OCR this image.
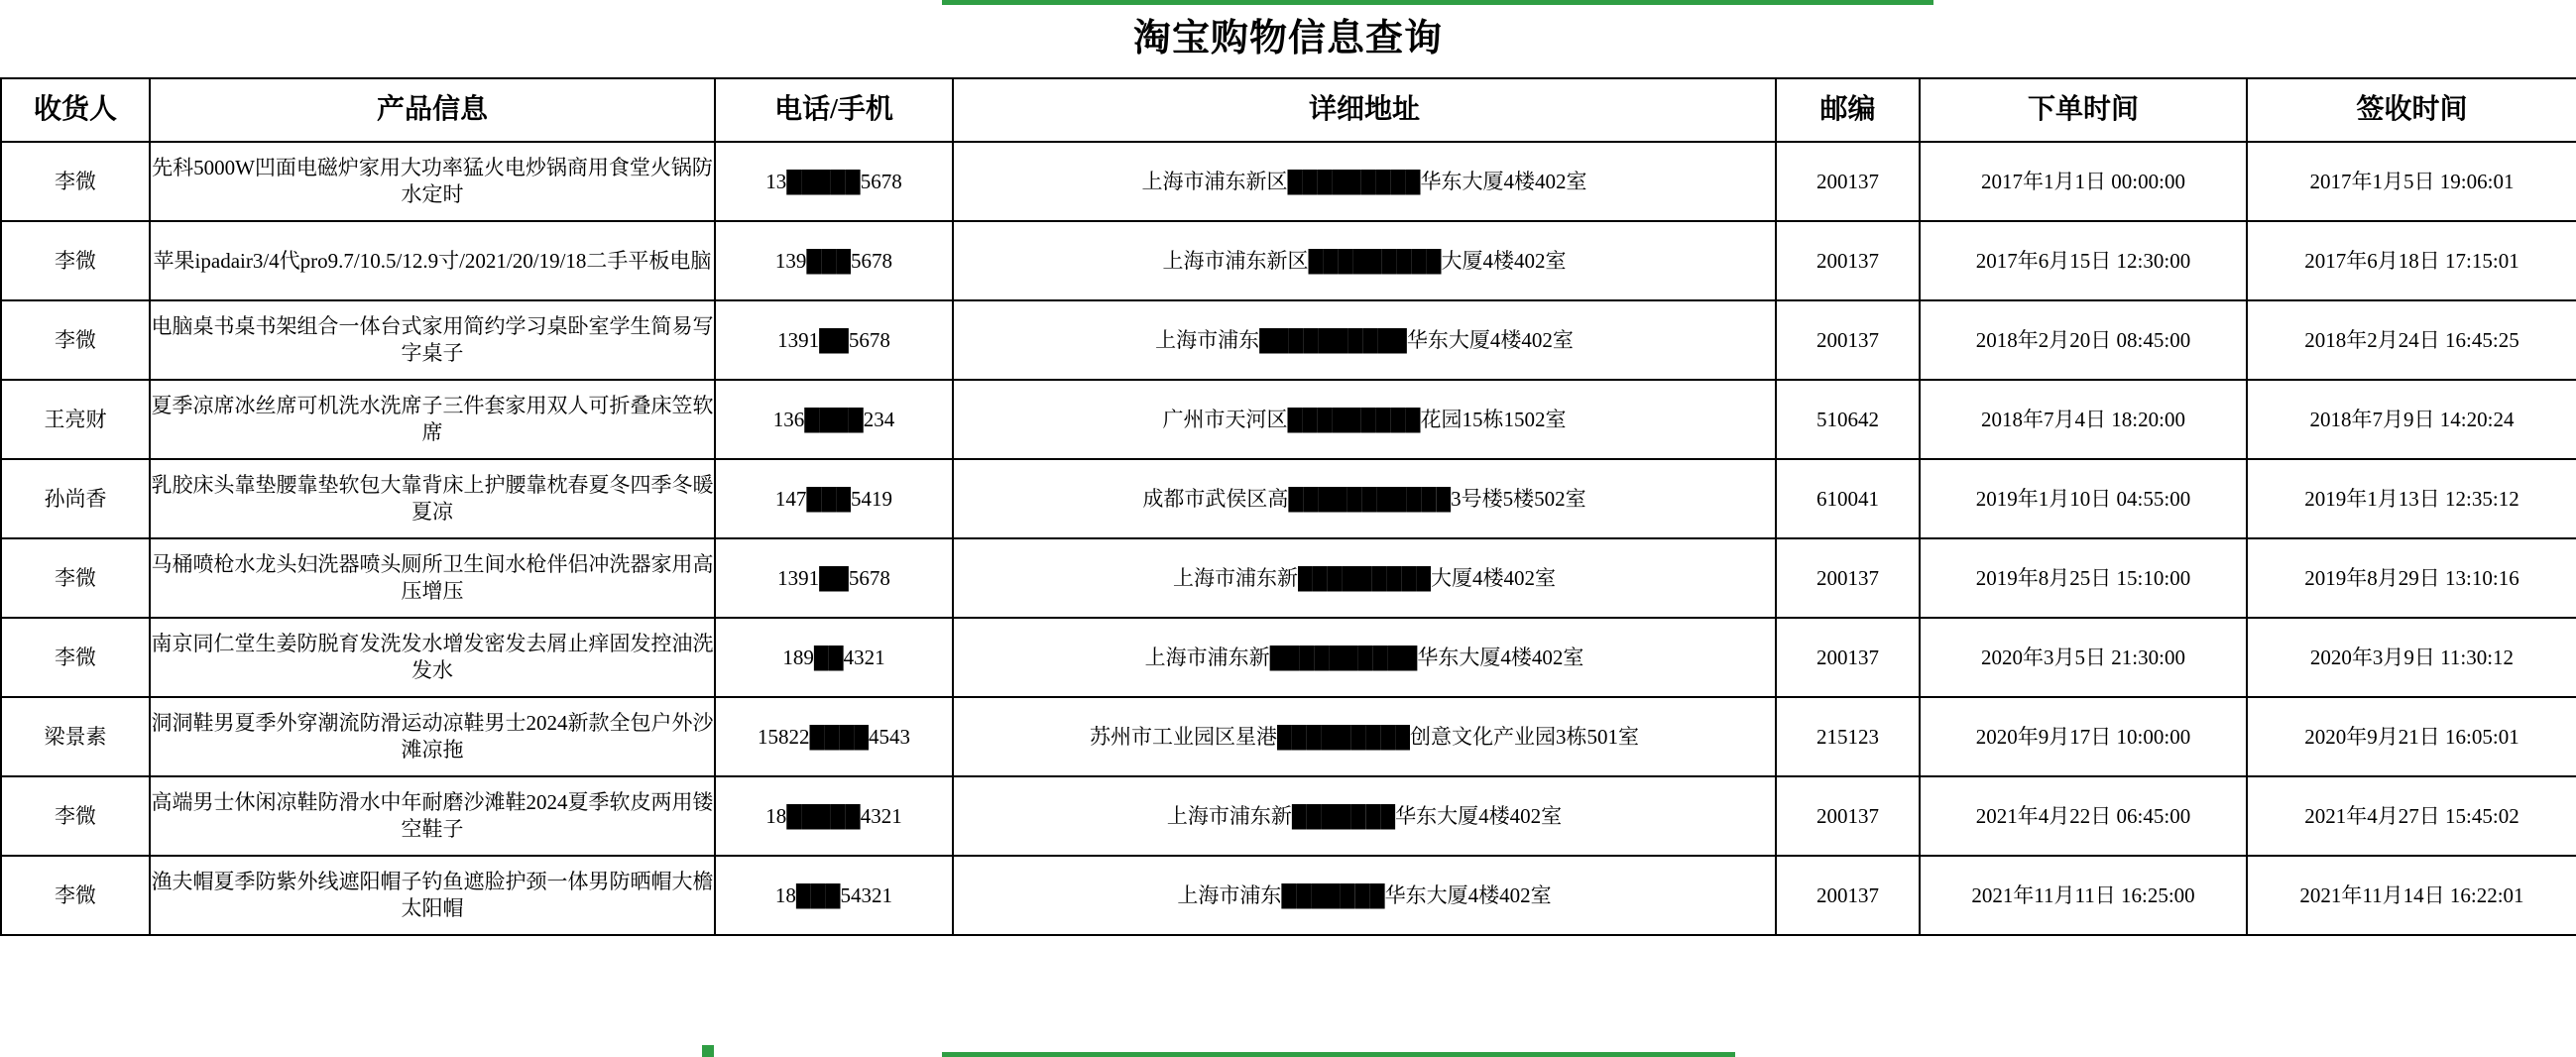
淘宝购物信息查询
收货人	产品信息	电话/手机	详细地址	邮编	下单时间	签收时间
李微	先科5000W凹面电磁炉家用大功率猛火电炒锅商用食堂火锅防水定时	13█████5678	上海市浦东新区█████████华东大厦4楼402室	200137	2017年1月1日 00:00:00	2017年1月5日 19:06:01
李微	苹果ipadair3/4代pro9.7/10.5/12.9寸/2021/20/19/18二手平板电脑	139███5678	上海市浦东新区█████████大厦4楼402室	200137	2017年6月15日 12:30:00	2017年6月18日 17:15:01
李微	电脑桌书桌书架组合一体台式家用简约学习桌卧室学生简易写字桌子	1391██5678	上海市浦东██████████华东大厦4楼402室	200137	2018年2月20日 08:45:00	2018年2月24日 16:45:25
王亮财	夏季凉席冰丝席可机洗水洗席子三件套家用双人可折叠床笠软席	136████234	广州市天河区█████████花园15栋1502室	510642	2018年7月4日 18:20:00	2018年7月9日 14:20:24
孙尚香	乳胶床头靠垫腰靠垫软包大靠背床上护腰靠枕春夏冬四季冬暖夏凉	147███5419	成都市武侯区高███████████3号楼5楼502室	610041	2019年1月10日 04:55:00	2019年1月13日 12:35:12
李微	马桶喷枪水龙头妇洗器喷头厕所卫生间水枪伴侣冲洗器家用高压增压	1391██5678	上海市浦东新█████████大厦4楼402室	200137	2019年8月25日 15:10:00	2019年8月29日 13:10:16
李微	南京同仁堂生姜防脱育发洗发水增发密发去屑止痒固发控油洗发水	189██4321	上海市浦东新██████████华东大厦4楼402室	200137	2020年3月5日 21:30:00	2020年3月9日 11:30:12
梁景素	洞洞鞋男夏季外穿潮流防滑运动凉鞋男士2024新款全包户外沙滩凉拖	15822████4543	苏州市工业园区星港█████████创意文化产业园3栋501室	215123	2020年9月17日 10:00:00	2020年9月21日 16:05:01
李微	高端男士休闲凉鞋防滑水中年耐磨沙滩鞋2024夏季软皮两用镂空鞋子	18█████4321	上海市浦东新███████华东大厦4楼402室	200137	2021年4月22日 06:45:00	2021年4月27日 15:45:02
李微	渔夫帽夏季防紫外线遮阳帽子钓鱼遮脸护颈一体男防晒帽大檐太阳帽	18███54321	上海市浦东███████华东大厦4楼402室	200137	2021年11月11日 16:25:00	2021年11月14日 16:22:01
